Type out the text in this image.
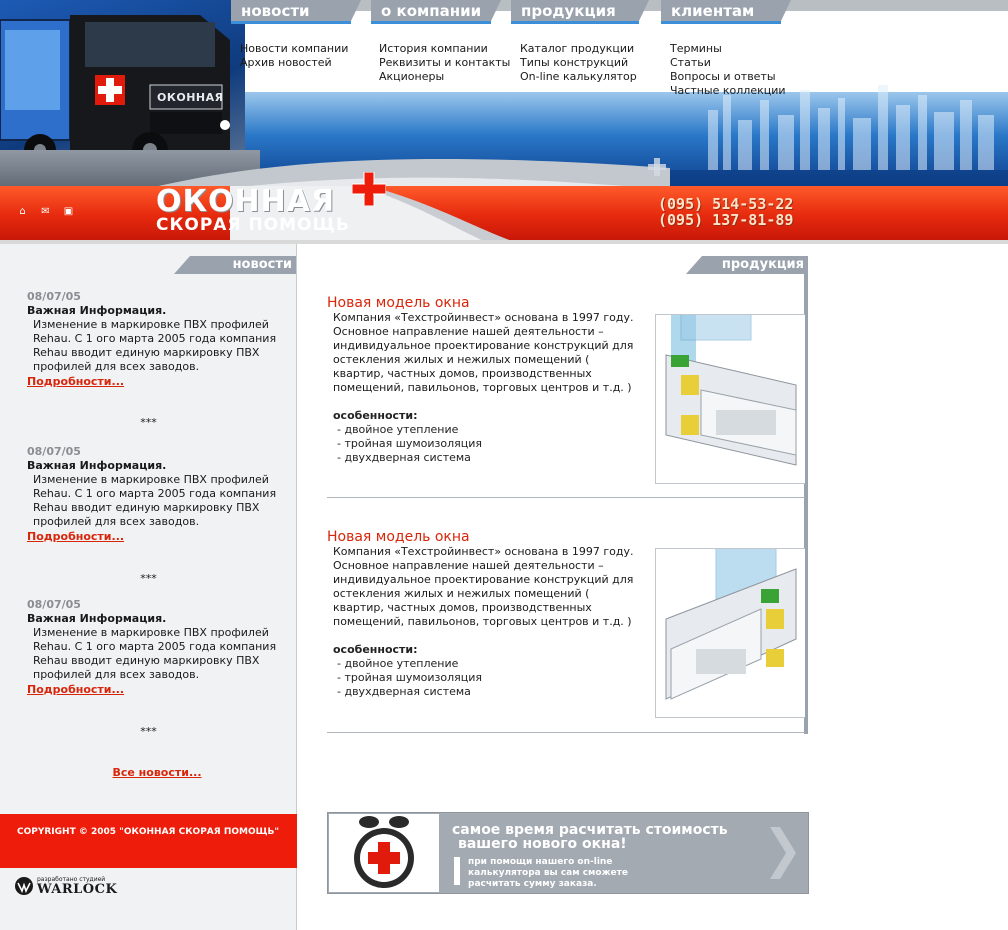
ОКОННАЯ
новости	о компании	продукция	клиентам
Новости компании
Архив новостей
История компании
Реквизиты и контакты
Акционеры
Каталог продукции
Типы конструкций
On-line калькулятор
Термины
Статьи
Вопросы и ответы
Частные коллекции
ОКОННАЯ
СКОРАЯ ПОМОЩЬ
(095) 514-53-22
(095) 137-81-89
⌂	✉ ▣
новости
08/07/05
Важная Информация.
Изменение в маркировке ПВХ профилей Rehau. С 1 ого марта 2005 года компания Rehau вводит единую маркировку ПВХ профилей для всех заводов.
Подробности...
***
08/07/05
Важная Информация.
Изменение в маркировке ПВХ профилей Rehau. С 1 ого марта 2005 года компания Rehau вводит единую маркировку ПВХ профилей для всех заводов.
Подробности...
***
08/07/05
Важная Информация.
Изменение в маркировке ПВХ профилей Rehau. С 1 ого марта 2005 года компания Rehau вводит единую маркировку ПВХ профилей для всех заводов.
Подробности...
***
Все новости...
COPYRIGHT © 2005 "ОКОННАЯ СКОРАЯ ПОМОЩЬ"
разработано студией
WARLOCK
продукция
Новая модель окна
Компания «Техстройинвест» основана в 1997 году. Основное направление нашей деятельности – индивидуальное проектирование конструкций для остекления жилых и нежилых помещений ( квартир, частных домов, производственных помещений, павильонов, торговых центров и т.д. )
особенности:
- двойное утепление
- тройная шумоизоляция
- двухдверная система
Новая модель окна
Компания «Техстройинвест» основана в 1997 году. Основное направление нашей деятельности – индивидуальное проектирование конструкций для остекления жилых и нежилых помещений ( квартир, частных домов, производственных помещений, павильонов, торговых центров и т.д. )
особенности:
- двойное утепление
- тройная шумоизоляция
- двухдверная система
самое время расчитать стоимость
вашего нового окна!
при помощи нашего on-line
калькулятора вы сам сможете
расчитать сумму заказа.
